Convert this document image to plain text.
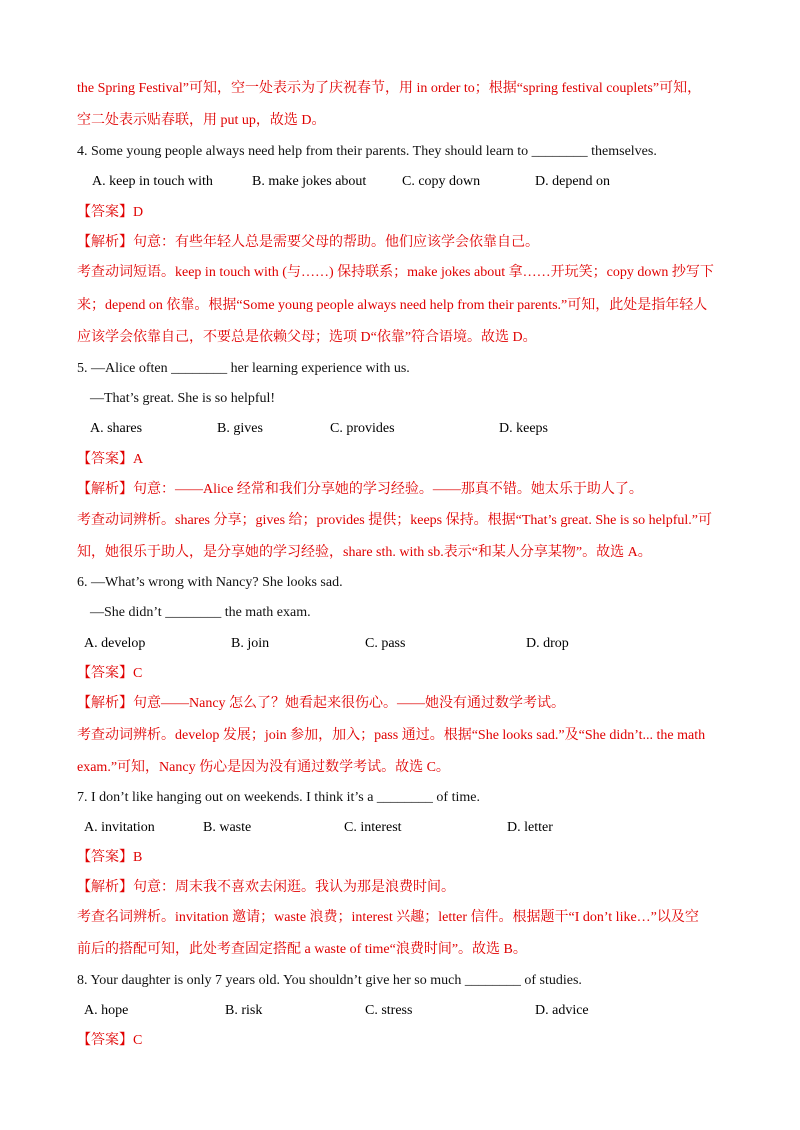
the Spring Festival”可知，空一处表示为了庆祝春节，用 in order to；根据“spring festival couplets”可知，
空二处表示贴春联，用 put up，故选 D。
4. Some young people always need help from their parents. They should learn to ________ themselves.
A. keep in touch with	B. make jokes about	C. copy down	D. depend on
【答案】D
【解析】句意：有些年轻人总是需要父母的帮助。他们应该学会依靠自己。
考查动词短语。keep in touch with (与……) 保持联系；make jokes about 拿……开玩笑；copy down 抄写下
来；depend on 依靠。根据“Some young people always need help from their parents.”可知，此处是指年轻人
应该学会依靠自己，不要总是依赖父母；选项 D“依靠”符合语境。故选 D。
5. —Alice often ________ her learning experience with us.
—That’s great. She is so helpful!
A. shares	B. gives	C. provides	D. keeps
【答案】A
【解析】句意：——Alice 经常和我们分享她的学习经验。——那真不错。她太乐于助人了。
考查动词辨析。shares 分享；gives 给；provides 提供；keeps 保持。根据“That’s great. She is so helpful.”可
知，她很乐于助人，是分享她的学习经验，share sth. with sb.表示“和某人分享某物”。故选 A。
6. —What’s wrong with Nancy? She looks sad.
—She didn’t ________ the math exam.
A. develop	B. join	C. pass	D. drop
【答案】C
【解析】句意——Nancy 怎么了？她看起来很伤心。——她没有通过数学考试。
考查动词辨析。develop 发展；join 参加，加入；pass 通过。根据“She looks sad.”及“She didn’t... the math
exam.”可知，Nancy 伤心是因为没有通过数学考试。故选 C。
7. I don’t like hanging out on weekends. I think it’s a ________ of time.
A. invitation	B. waste	C. interest	D. letter
【答案】B
【解析】句意：周末我不喜欢去闲逛。我认为那是浪费时间。
考查名词辨析。invitation 邀请；waste 浪费；interest 兴趣；letter 信件。根据题干“I don’t like…”以及空
前后的搭配可知，此处考查固定搭配 a waste of time“浪费时间”。故选 B。
8. Your daughter is only 7 years old. You shouldn’t give her so much ________ of studies.
A. hope	B. risk	C. stress	D. advice
【答案】C
